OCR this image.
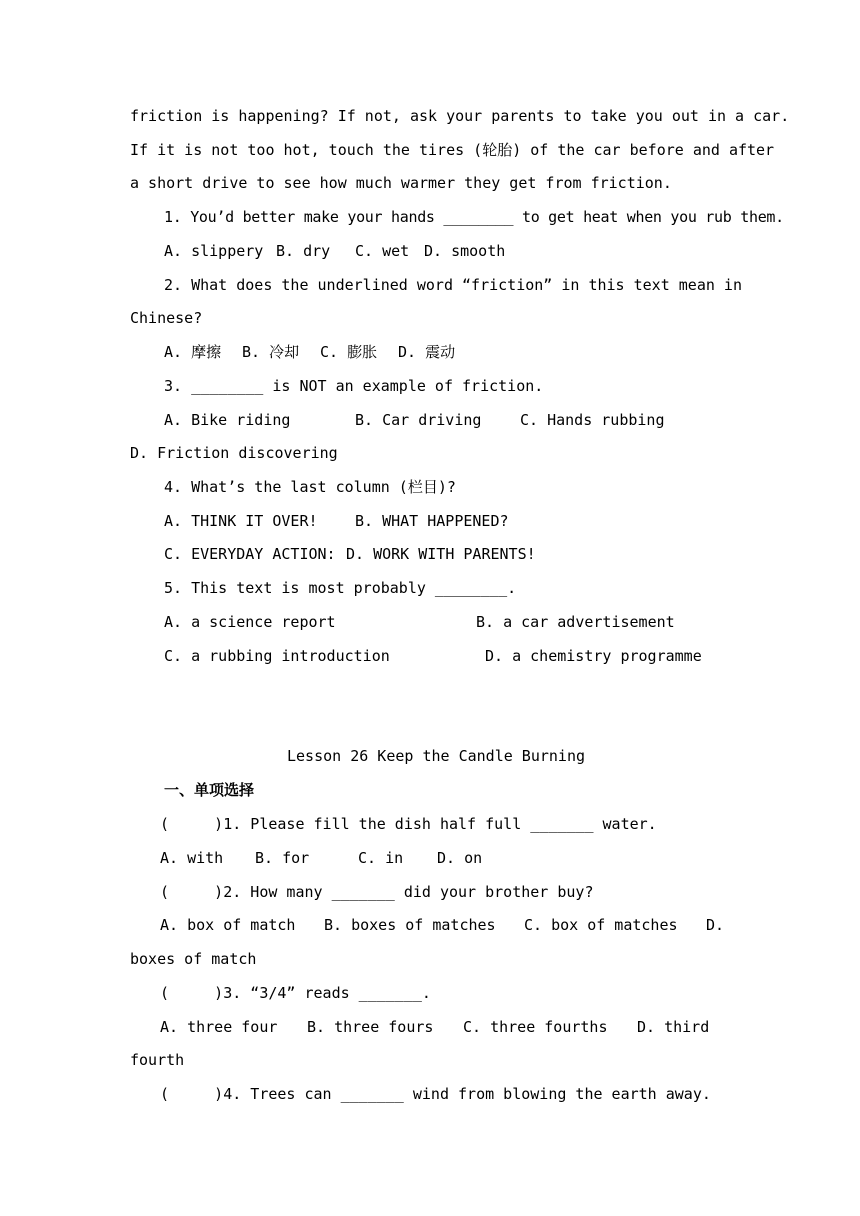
friction is happening? If not, ask your parents to take you out in a car.
If it is not too hot, touch the tires (轮胎) of the car before and after
a short drive to see how much warmer they get from friction.
1. You’d better make your hands ________ to get heat when you rub them.
A. slippery B. dry C. wet D. smooth
2. What does the underlined word “friction” in this text mean in
Chinese?
A. 摩擦 B. 冷却 C. 膨胀 D. 震动
3. ________ is NOT an example of friction.
A. Bike riding	B. Car driving	C. Hands rubbing
D. Friction discovering
4. What’s the last column (栏目)?
A. THINK IT OVER! B. WHAT HAPPENED?
C. EVERYDAY ACTION: D. WORK WITH PARENTS!
5. This text is most probably ________.
A. a science report	B. a car advertisement
C. a rubbing introduction	D. a chemistry programme
Lesson 26 Keep the Candle Burning
一、单项选择
(     )1. Please fill the dish half full _______ water.
A. with B. for	C. in D. on
(     )2. How many _______ did your brother buy?
A. box of match B. boxes of matches C. box of matches D.
boxes of match
(     )3. “3/4” reads _______.
A. three four B. three fours C. three fourths D. third
fourth
(     )4. Trees can _______ wind from blowing the earth away.
